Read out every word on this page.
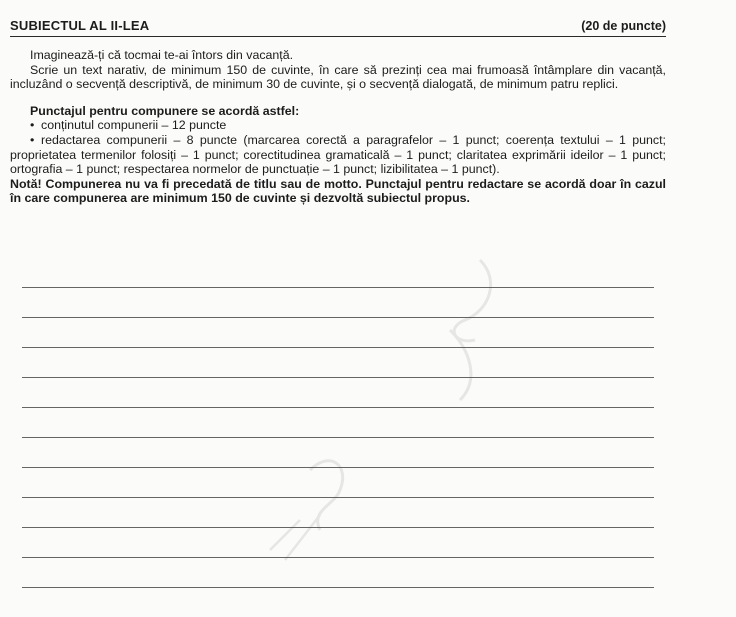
SUBIECTUL AL II-LEA	(20 de puncte)

Imaginează-ți că tocmai te-ai întors din vacanță.

Scrie un text narativ, de minimum 150 de cuvinte, în care să prezinți cea mai frumoasă întâmplare din vacanță, incluzând o secvență descriptivă, de minimum 30 de cuvinte, și o secvență dialogată, de minimum patru replici.

Punctajul pentru compunere se acordă astfel:

• conținutul compunerii – 12 puncte

• redactarea compunerii – 8 puncte (marcarea corectă a paragrafelor – 1 punct; coerența textului – 1 punct; proprietatea termenilor folosiți – 1 punct; corectitudinea gramaticală – 1 punct; claritatea exprimării ideilor – 1 punct; ortografia – 1 punct; respectarea normelor de punctuație – 1 punct; lizibilitatea – 1 punct).

Notă! Compunerea nu va fi precedată de titlu sau de motto. Punctajul pentru redactare se acordă doar în cazul în care compunerea are minimum 150 de cuvinte și dezvoltă subiectul propus.
